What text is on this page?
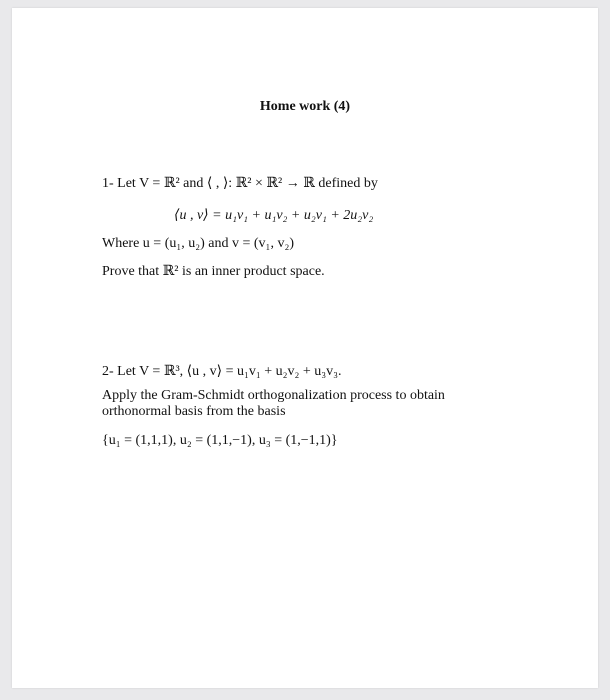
Home work (4)
1- Let V = ℝ² and ⟨ , ⟩: ℝ² × ℝ² → ℝ defined by
⟨u , v⟩ = u₁v₁ + u₁v₂ + u₂v₁ + 2u₂v₂
Where u = (u₁, u₂) and v = (v₁, v₂)
Prove that ℝ² is an inner product space.
2- Let V = ℝ³, ⟨u , v⟩ = u₁v₁ + u₂v₂ + u₃v₃.
Apply the Gram-Schmidt orthogonalization process to obtain
orthonormal basis from the basis
{u₁ = (1,1,1), u₂ = (1,1,−1), u₃ = (1,−1,1)}
